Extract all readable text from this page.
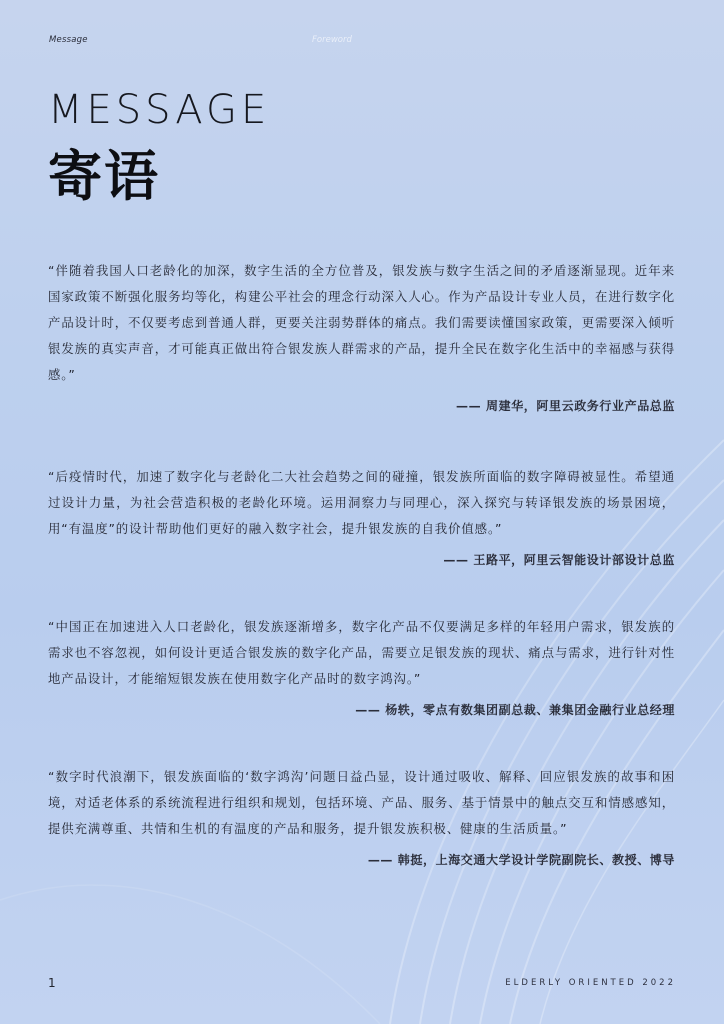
Message	Foreword
MESSAGE
寄语
“伴随着我国人口老龄化的加深，数字生活的全方位普及，银发族与数字生活之间的矛盾逐渐显现。近年来国家政策不断强化服务均等化，构建公平社会的理念行动深入人心。作为产品设计专业人员，在进行数字化产品设计时，不仅要考虑到普通人群，更要关注弱势群体的痛点。我们需要读懂国家政策，更需要深入倾听银发族的真实声音，才可能真正做出符合银发族人群需求的产品，提升全民在数字化生活中的幸福感与获得感。”
—— 周建华，阿里云政务行业产品总监
“后疫情时代，加速了数字化与老龄化二大社会趋势之间的碰撞，银发族所面临的数字障碍被显性。希望通过设计力量，为社会营造积极的老龄化环境。运用洞察力与同理心，深入探究与转译银发族的场景困境，用“有温度”的设计帮助他们更好的融入数字社会，提升银发族的自我价值感。”
—— 王路平，阿里云智能设计部设计总监
“中国正在加速进入人口老龄化，银发族逐渐增多，数字化产品不仅要满足多样的年轻用户需求，银发族的需求也不容忽视，如何设计更适合银发族的数字化产品，需要立足银发族的现状、痛点与需求，进行针对性地产品设计，才能缩短银发族在使用数字化产品时的数字鸿沟。”
—— 杨轶，零点有数集团副总裁、兼集团金融行业总经理
“数字时代浪潮下，银发族面临的‘数字鸿沟’问题日益凸显，设计通过吸收、解释、回应银发族的故事和困境，对适老体系的系统流程进行组织和规划，包括环境、产品、服务、基于情景中的触点交互和情感感知，提供充满尊重、共情和生机的有温度的产品和服务，提升银发族积极、健康的生活质量。”
—— 韩挺，上海交通大学设计学院副院长、教授、博导
1	ELDERLY ORIENTED 2022
